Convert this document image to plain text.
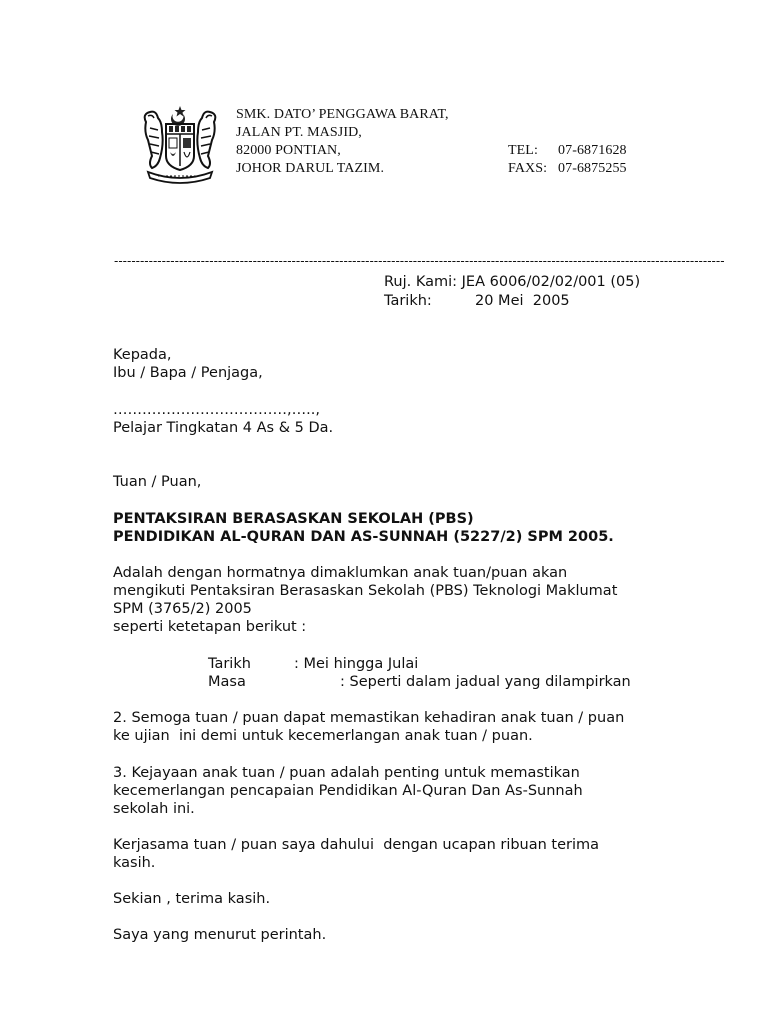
SMK. DATO’ PENGGAWA BARAT,
JALAN PT. MASJID,
82000 PONTIAN,
JOHOR DARUL TAZIM.
TEL:	07-6871628
FAXS: 07-6875255
---------------------------------------------------------------------------------------------------------------------------------------------
Ruj. Kami:
JEA 6006/02/02/001 (05)
Tarikh:	20 Mei  2005
Kepada,
Ibu / Bapa / Penjaga,
………………………………,…..,
Pelajar Tingkatan 4 As & 5 Da.
Tuan / Puan,
PENTAKSIRAN BERASASKAN SEKOLAH (PBS)
PENDIDIKAN AL-QURAN DAN AS-SUNNAH (5227/2) SPM 2005.
Adalah dengan hormatnya dimaklumkan anak tuan/puan akan
mengikuti Pentaksiran Berasaskan Sekolah (PBS) Teknologi Maklumat
SPM (3765/2) 2005
seperti ketetapan berikut :
Tarikh	: Mei hingga Julai
Masa	: Seperti dalam jadual yang dilampirkan
2. Semoga tuan / puan dapat memastikan kehadiran anak tuan / puan
ke ujian  ini demi untuk kecemerlangan anak tuan / puan.
3. Kejayaan anak tuan / puan adalah penting untuk memastikan
kecemerlangan pencapaian Pendidikan Al-Quran Dan As-Sunnah
sekolah ini.
Kerjasama tuan / puan saya dahului  dengan ucapan ribuan terima
kasih.
Sekian , terima kasih.
Saya yang menurut perintah.
